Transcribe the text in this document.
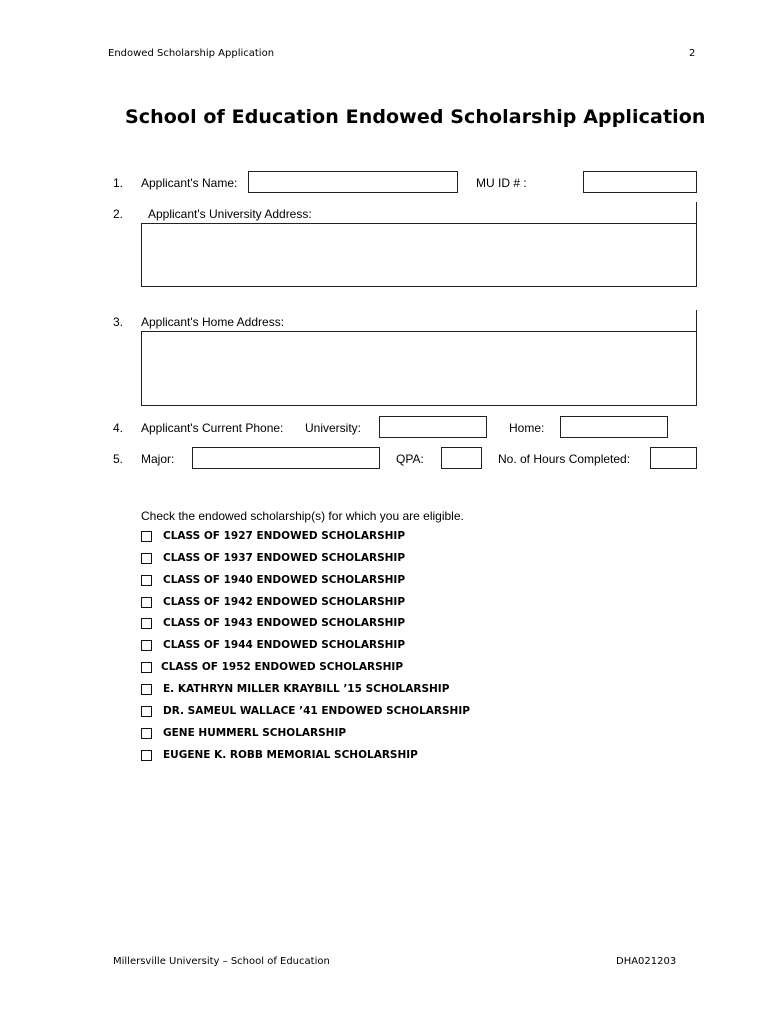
Endowed Scholarship Application	2
School of Education Endowed Scholarship Application
1. Applicant's Name:	MU ID # :
2. Applicant's University Address:
3. Applicant's Home Address:
4. Applicant's Current Phone: University:	Home:
5. Major:	QPA:	No. of Hours Completed:
Check the endowed scholarship(s) for which you are eligible.
CLASS OF 1927 ENDOWED SCHOLARSHIP
CLASS OF 1937 ENDOWED SCHOLARSHIP
CLASS OF 1940 ENDOWED SCHOLARSHIP
CLASS OF 1942 ENDOWED SCHOLARSHIP
CLASS OF 1943 ENDOWED SCHOLARSHIP
CLASS OF 1944 ENDOWED SCHOLARSHIP
CLASS OF 1952 ENDOWED SCHOLARSHIP
E. KATHRYN MILLER KRAYBILL ’15 SCHOLARSHIP
DR. SAMEUL WALLACE ’41 ENDOWED SCHOLARSHIP
GENE HUMMERL SCHOLARSHIP
EUGENE K. ROBB MEMORIAL SCHOLARSHIP
Millersville University – School of Education	DHA021203
